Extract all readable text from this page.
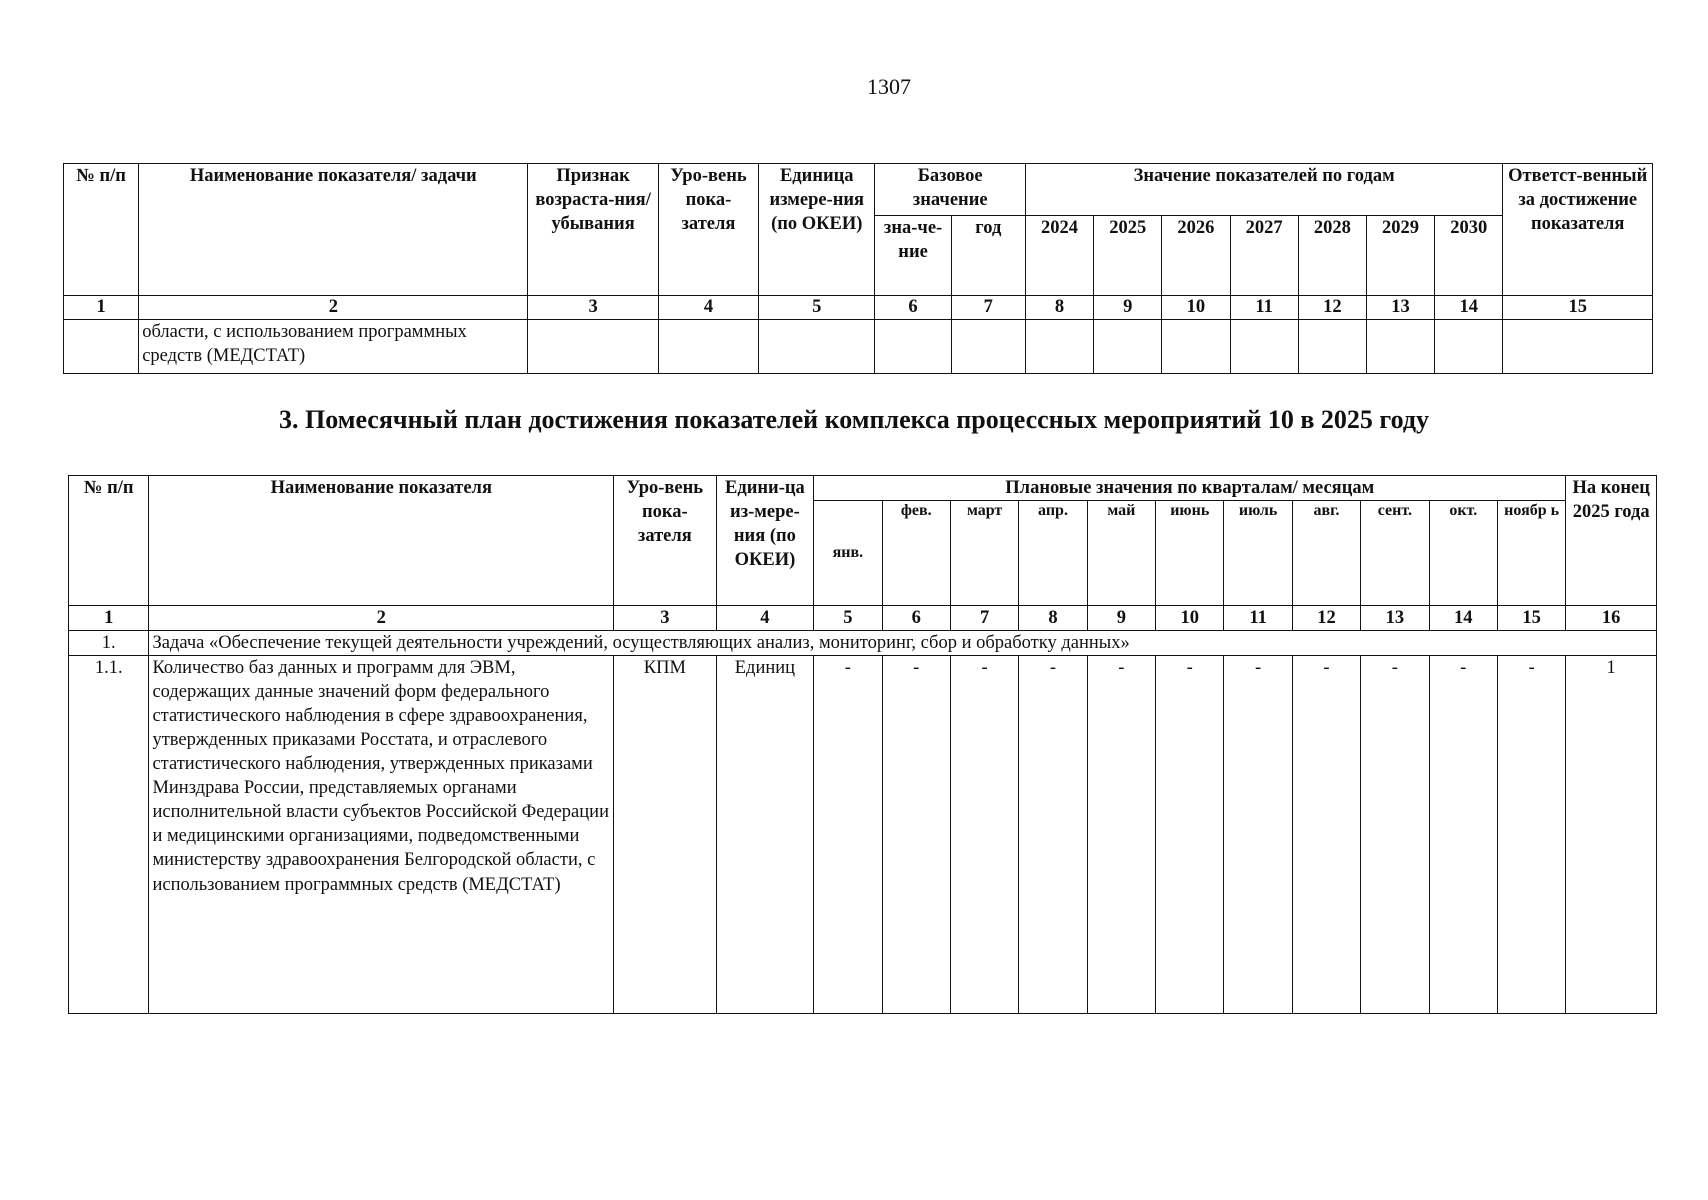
1307
№ п/п	Наименование показателя/ задачи	Признак возраста-ния/ убывания	Уро-вень пока-зателя	Единица измере-ния (по ОКЕИ)	Базовое значение		Значение показателей по годам							Ответст-венный за достижение показателя
					зна-че-ние	год	2024	2025	2026	2027	2028	2029	2030	
1	2	3	4	5	6	7	8	9	10	11	12	13	14	15
	области, с использованием программных средств (МЕДСТАТ)													
3. Помесячный план достижения показателей комплекса процессных мероприятий 10 в 2025 году
№ п/п	Наименование показателя	Уро-вень пока-зателя	Едини-ца из-мере-ния (по ОКЕИ)	Плановые значения по кварталам/ месяцам											На конец 2025 года
				янв.	фев.	март	апр.	май	июнь	июль	авг.	сент.	окт.	ноябр ь	
1	2	3	4	5	6	7	8	9	10	11	12	13	14	15	16
1.	Задача «Обеспечение текущей деятельности учреждений, осуществляющих анализ, мониторинг, сбор и обработку данных»														
1.1.	Количество баз данных и программ для ЭВМ, содержащих данные значений форм федерального статистического наблюдения в сфере здравоохранения, утвержденных приказами Росстата, и отраслевого статистического наблюдения, утвержденных приказами Минздрава России, представляемых органами исполнительной власти субъектов Российской Федерации и медицинскими организациями, подведомственными министерству здравоохранения Белгородской области, с использованием программных средств (МЕДСТАТ)	КПМ	Единиц	-	-	-	-	-	-	-	-	-	-	-	1
